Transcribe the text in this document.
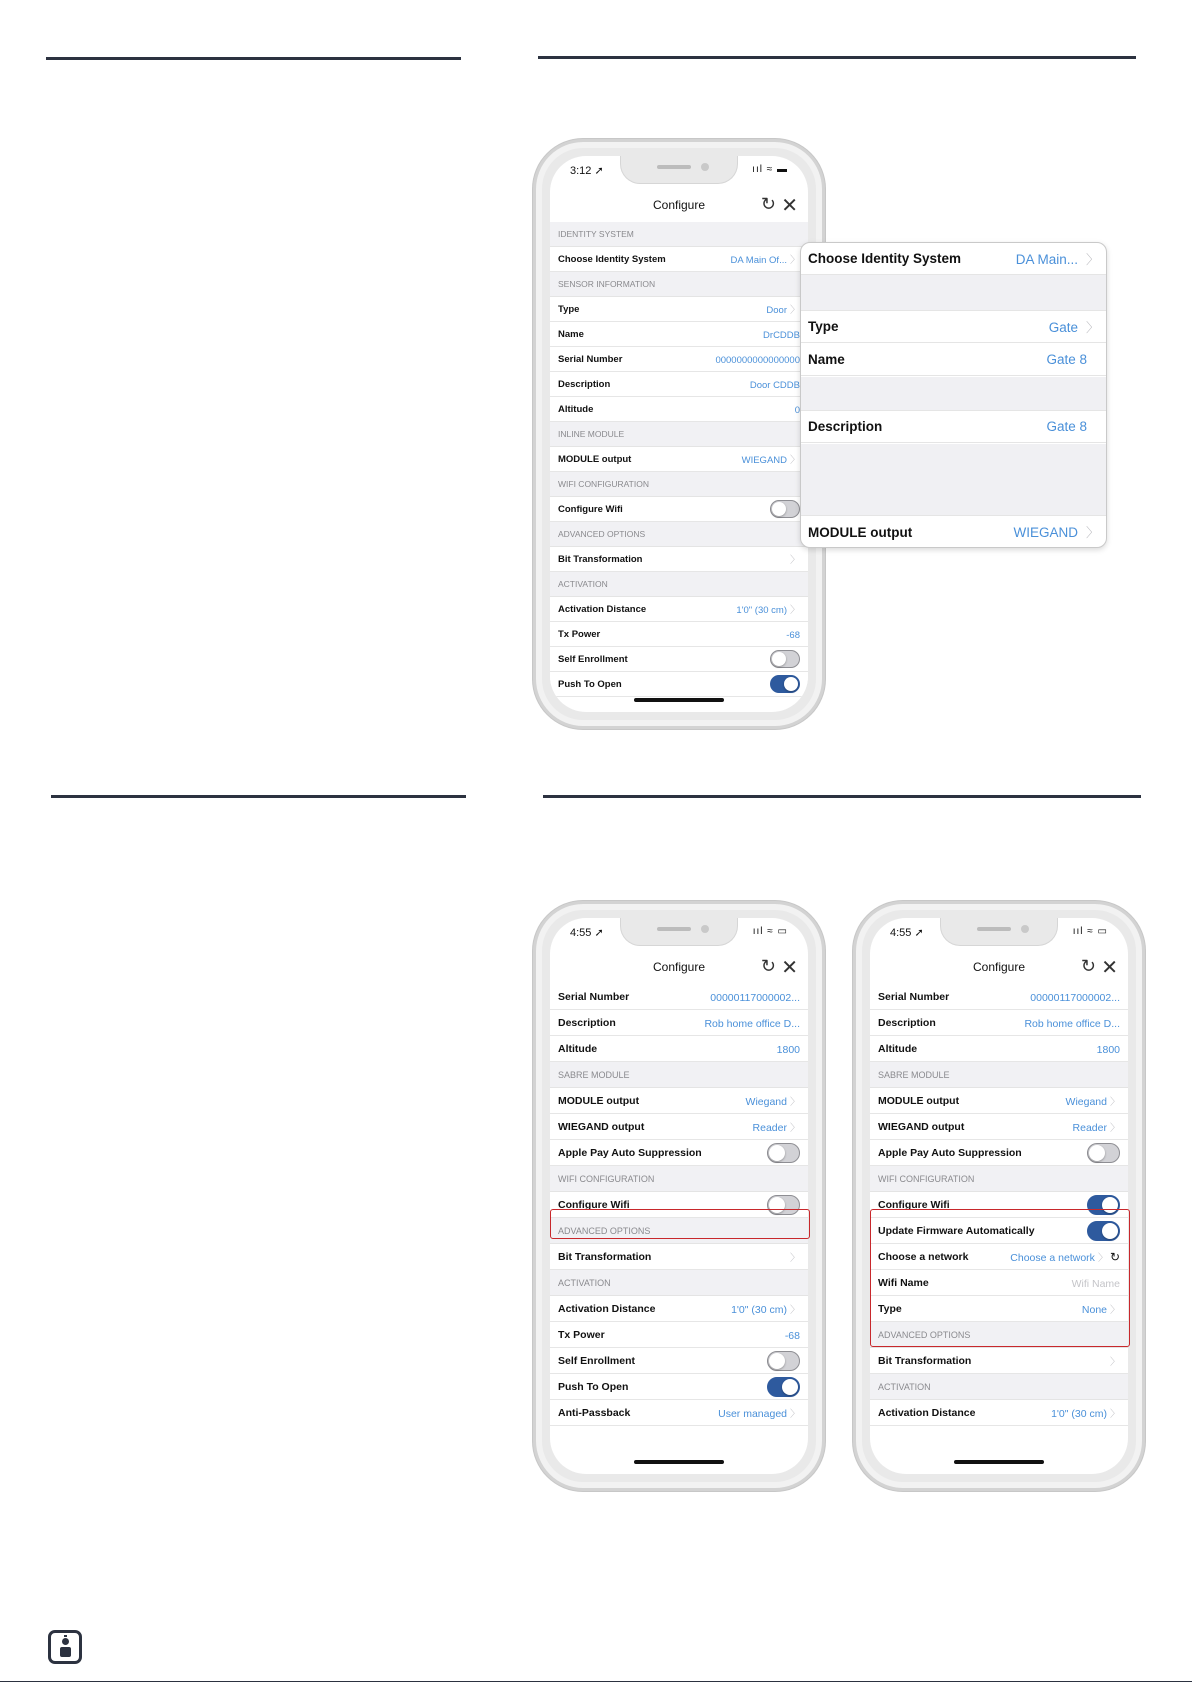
3:12 ➚	ııl ≈ ▬
Configure	↻ ✕
IDENTITY SYSTEM
Choose Identity System	DA Main Of... 〉
SENSOR INFORMATION
Type	Door 〉
Name	DrCDDB
Serial Number	0000000000000000
Description	Door CDDB
Altitude	0
INLINE MODULE
MODULE output	WIEGAND 〉
WIFI CONFIGURATION
Configure Wifi
ADVANCED OPTIONS
Bit Transformation	〉
ACTIVATION
Activation Distance	1'0" (30 cm) 〉
Tx Power	-68
Self Enrollment
Push To Open
Choose Identity System	DA Main... 〉
Type	Gate 〉
Name	Gate 8
Description	Gate 8
MODULE output	WIEGAND 〉
4:55 ➚	ııl ≈ ▭
Configure	↻ ✕
Serial Number	00000117000002...
Description	Rob home office D...
Altitude	1800
SABRE MODULE
MODULE output	Wiegand 〉
WIEGAND output	Reader 〉
Apple Pay Auto Suppression
WIFI CONFIGURATION
Configure Wifi
ADVANCED OPTIONS
Bit Transformation	〉
ACTIVATION
Activation Distance	1'0" (30 cm) 〉
Tx Power	-68
Self Enrollment
Push To Open
Anti-Passback	User managed 〉
4:55 ➚	ııl ≈ ▭
Configure	↻ ✕
Serial Number	00000117000002...
Description	Rob home office D...
Altitude	1800
SABRE MODULE
MODULE output	Wiegand 〉
WIEGAND output	Reader 〉
Apple Pay Auto Suppression
WIFI CONFIGURATION
Configure Wifi
Update Firmware Automatically
Choose a network	Choose a network 〉 ↻
Wifi Name	Wifi Name
Type	None 〉
ADVANCED OPTIONS
Bit Transformation	〉
ACTIVATION
Activation Distance	1'0" (30 cm) 〉
